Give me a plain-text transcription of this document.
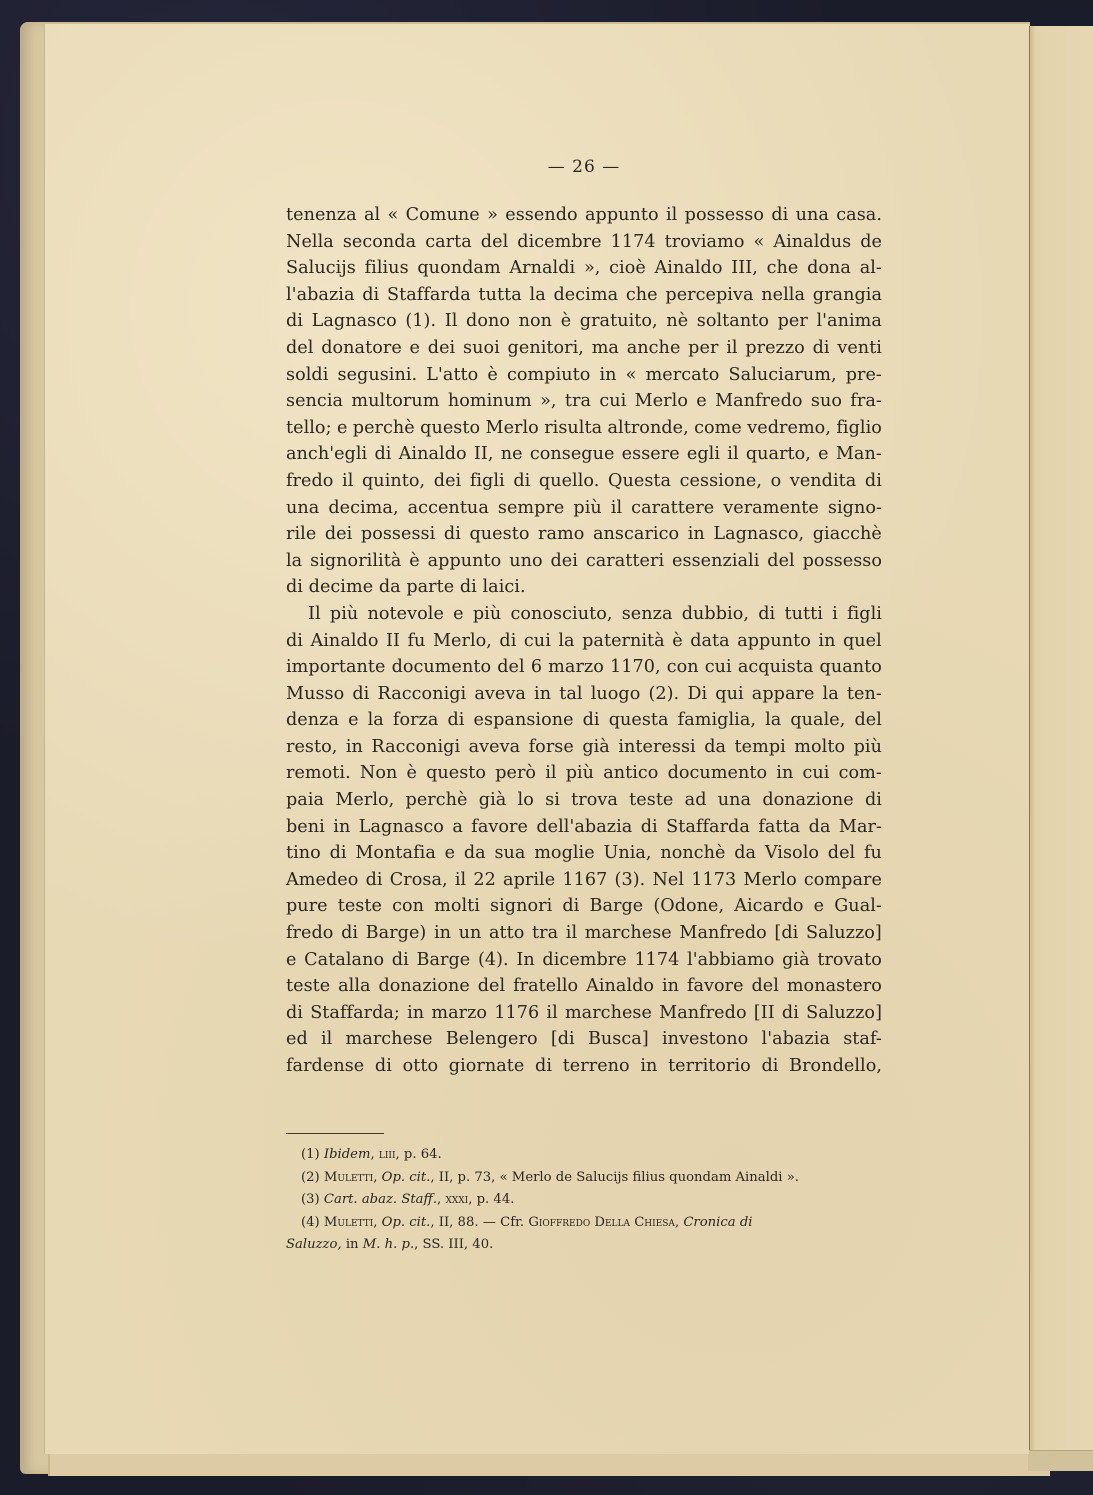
— 26 —
tenenza al « Comune » essendo appunto il possesso di una casa.
Nella seconda carta del dicembre 1174 troviamo « Ainaldus de
Salucijs filius quondam Arnaldi », cioè Ainaldo III, che dona al-
l'abazia di Staffarda tutta la decima che percepiva nella grangia
di Lagnasco (1). Il dono non è gratuito, nè soltanto per l'anima
del donatore e dei suoi genitori, ma anche per il prezzo di venti
soldi segusini. L'atto è compiuto in « mercato Saluciarum, pre-
sencia multorum hominum », tra cui Merlo e Manfredo suo fra-
tello; e perchè questo Merlo risulta altronde, come vedremo, figlio
anch'egli di Ainaldo II, ne consegue essere egli il quarto, e Man-
fredo il quinto, dei figli di quello. Questa cessione, o vendita di
una decima, accentua sempre più il carattere veramente signo-
rile dei possessi di questo ramo anscarico in Lagnasco, giacchè
la signorilità è appunto uno dei caratteri essenziali del possesso
di decime da parte di laici.
Il più notevole e più conosciuto, senza dubbio, di tutti i figli
di Ainaldo II fu Merlo, di cui la paternità è data appunto in quel
importante documento del 6 marzo 1170, con cui acquista quanto
Musso di Racconigi aveva in tal luogo (2). Di qui appare la ten-
denza e la forza di espansione di questa famiglia, la quale, del
resto, in Racconigi aveva forse già interessi da tempi molto più
remoti. Non è questo però il più antico documento in cui com-
paia Merlo, perchè già lo si trova teste ad una donazione di
beni in Lagnasco a favore dell'abazia di Staffarda fatta da Mar-
tino di Montafia e da sua moglie Unia, nonchè da Visolo del fu
Amedeo di Crosa, il 22 aprile 1167 (3). Nel 1173 Merlo compare
pure teste con molti signori di Barge (Odone, Aicardo e Gual-
fredo di Barge) in un atto tra il marchese Manfredo [di Saluzzo]
e Catalano di Barge (4). In dicembre 1174 l'abbiamo già trovato
teste alla donazione del fratello Ainaldo in favore del monastero
di Staffarda; in marzo 1176 il marchese Manfredo [II di Saluzzo]
ed il marchese Belengero [di Busca] investono l'abazia staf-
fardense di otto giornate di terreno in territorio di Brondello,
(1) Ibidem, liii, p. 64.
(2) Muletti, Op. cit., II, p. 73, « Merlo de Salucijs filius quondam Ainaldi ».
(3) Cart. abaz. Staff., xxxi, p. 44.
(4) Muletti, Op. cit., II, 88. — Cfr. Gioffredo Della Chiesa, Cronica di
Saluzzo, in M. h. p., SS. III, 40.
